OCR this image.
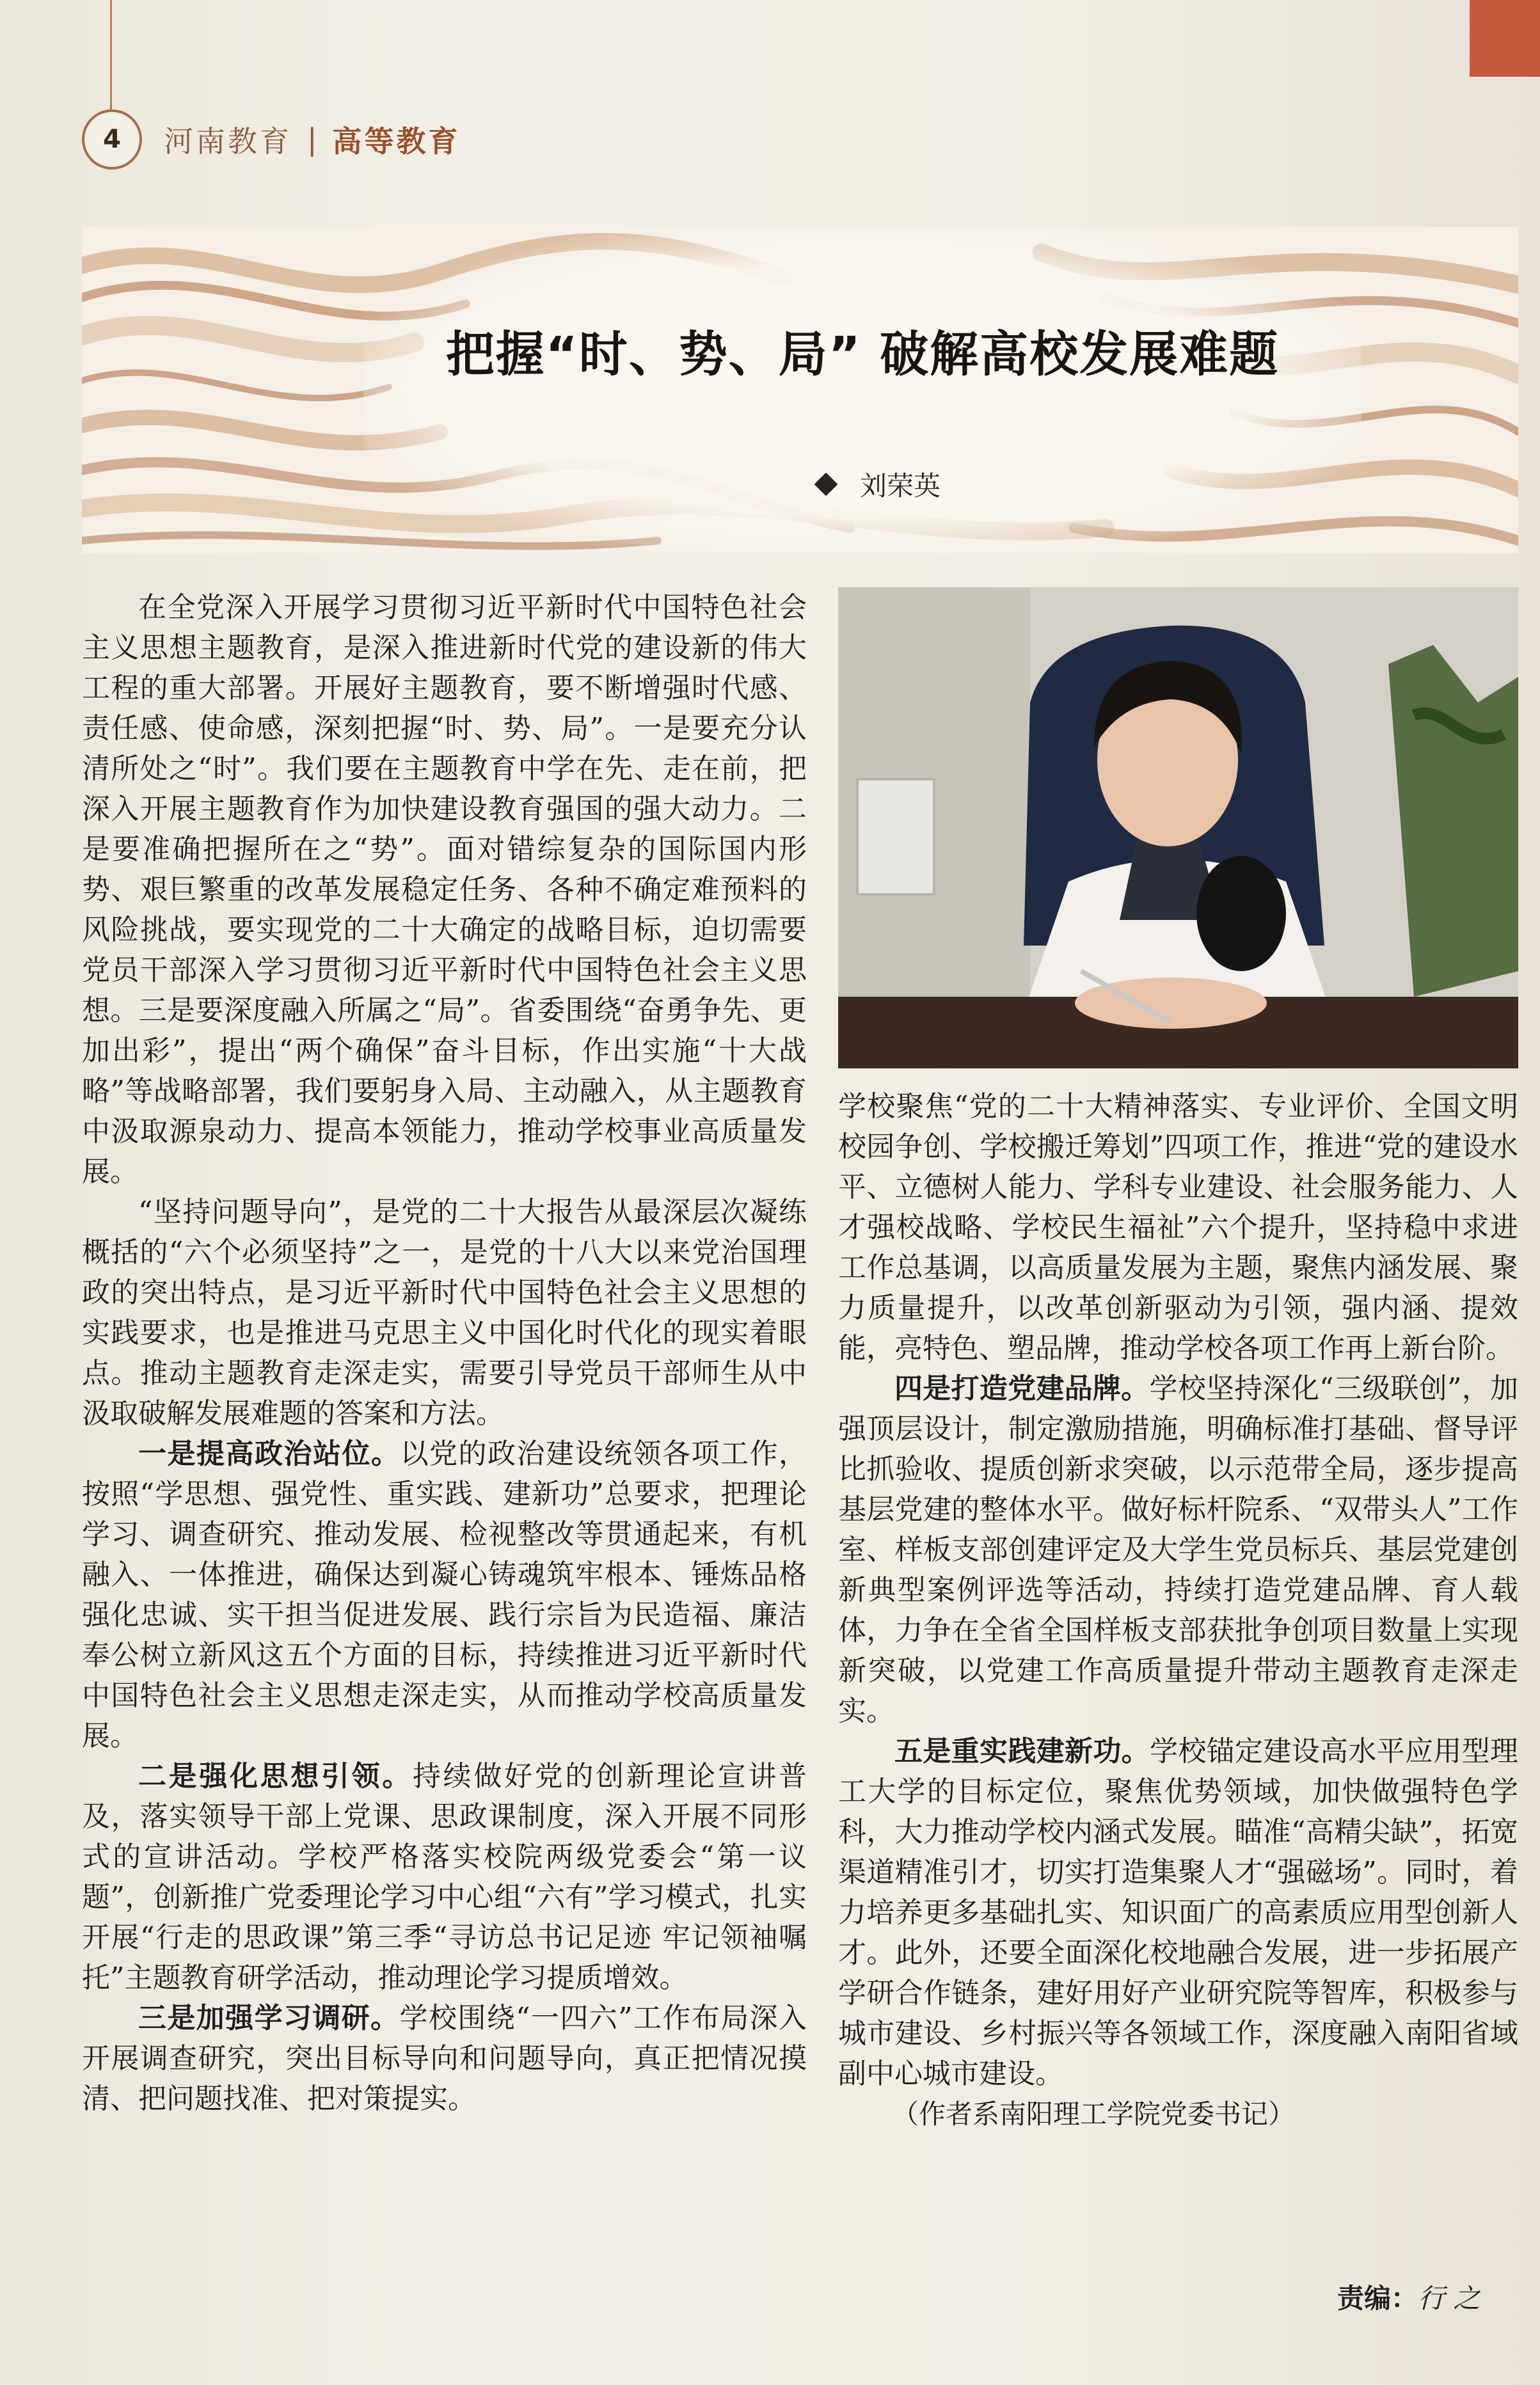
4	河南教育 | 高等教育
把握“时、势、局” 破解高校发展难题
刘荣英

在全党深入开展学习贯彻习近平新时代中国特色社会主义思想主题教育，是深入推进新时代党的建设新的伟大工程的重大部署。开展好主题教育，要不断增强时代感、责任感、使命感，深刻把握“时、势、局”。一是要充分认清所处之“时”。我们要在主题教育中学在先、走在前，把深入开展主题教育作为加快建设教育强国的强大动力。二是要准确把握所在之“势”。面对错综复杂的国际国内形势、艰巨繁重的改革发展稳定任务、各种不确定难预料的风险挑战，要实现党的二十大确定的战略目标，迫切需要党员干部深入学习贯彻习近平新时代中国特色社会主义思想。三是要深度融入所属之“局”。省委围绕“奋勇争先、更加出彩”，提出“两个确保”奋斗目标，作出实施“十大战略”等战略部署，我们要躬身入局、主动融入，从主题教育中汲取源泉动力、提高本领能力，推动学校事业高质量发展。

“坚持问题导向”，是党的二十大报告从最深层次凝练概括的“六个必须坚持”之一，是党的十八大以来党治国理政的突出特点，是习近平新时代中国特色社会主义思想的实践要求，也是推进马克思主义中国化时代化的现实着眼点。推动主题教育走深走实，需要引导党员干部师生从中汲取破解发展难题的答案和方法。

一是提高政治站位。以党的政治建设统领各项工作，按照“学思想、强党性、重实践、建新功”总要求，把理论学习、调查研究、推动发展、检视整改等贯通起来，有机融入、一体推进，确保达到凝心铸魂筑牢根本、锤炼品格强化忠诚、实干担当促进发展、践行宗旨为民造福、廉洁奉公树立新风这五个方面的目标，持续推进习近平新时代中国特色社会主义思想走深走实，从而推动学校高质量发展。

二是强化思想引领。持续做好党的创新理论宣讲普及，落实领导干部上党课、思政课制度，深入开展不同形式的宣讲活动。学校严格落实校院两级党委会“第一议题”，创新推广党委理论学习中心组“六有”学习模式，扎实开展“行走的思政课”第三季“寻访总书记足迹 牢记领袖嘱托”主题教育研学活动，推动理论学习提质增效。

三是加强学习调研。学校围绕“一四六”工作布局深入开展调查研究，突出目标导向和问题导向，真正把情况摸清、把问题找准、把对策提实。

学校聚焦“党的二十大精神落实、专业评价、全国文明校园争创、学校搬迁筹划”四项工作，推进“党的建设水平、立德树人能力、学科专业建设、社会服务能力、人才强校战略、学校民生福祉”六个提升，坚持稳中求进工作总基调，以高质量发展为主题，聚焦内涵发展、聚力质量提升，以改革创新驱动为引领，强内涵、提效能，亮特色、塑品牌，推动学校各项工作再上新台阶。

四是打造党建品牌。学校坚持深化“三级联创”，加强顶层设计，制定激励措施，明确标准打基础、督导评比抓验收、提质创新求突破，以示范带全局，逐步提高基层党建的整体水平。做好标杆院系、“双带头人”工作室、样板支部创建评定及大学生党员标兵、基层党建创新典型案例评选等活动，持续打造党建品牌、育人载体，力争在全省全国样板支部获批争创项目数量上实现新突破，以党建工作高质量提升带动主题教育走深走实。

五是重实践建新功。学校锚定建设高水平应用型理工大学的目标定位，聚焦优势领域，加快做强特色学科，大力推动学校内涵式发展。瞄准“高精尖缺”，拓宽渠道精准引才，切实打造集聚人才“强磁场”。同时，着力培养更多基础扎实、知识面广的高素质应用型创新人才。此外，还要全面深化校地融合发展，进一步拓展产学研合作链条，建好用好产业研究院等智库，积极参与城市建设、乡村振兴等各领域工作，深度融入南阳省域副中心城市建设。

（作者系南阳理工学院党委书记）

责编：行 之
